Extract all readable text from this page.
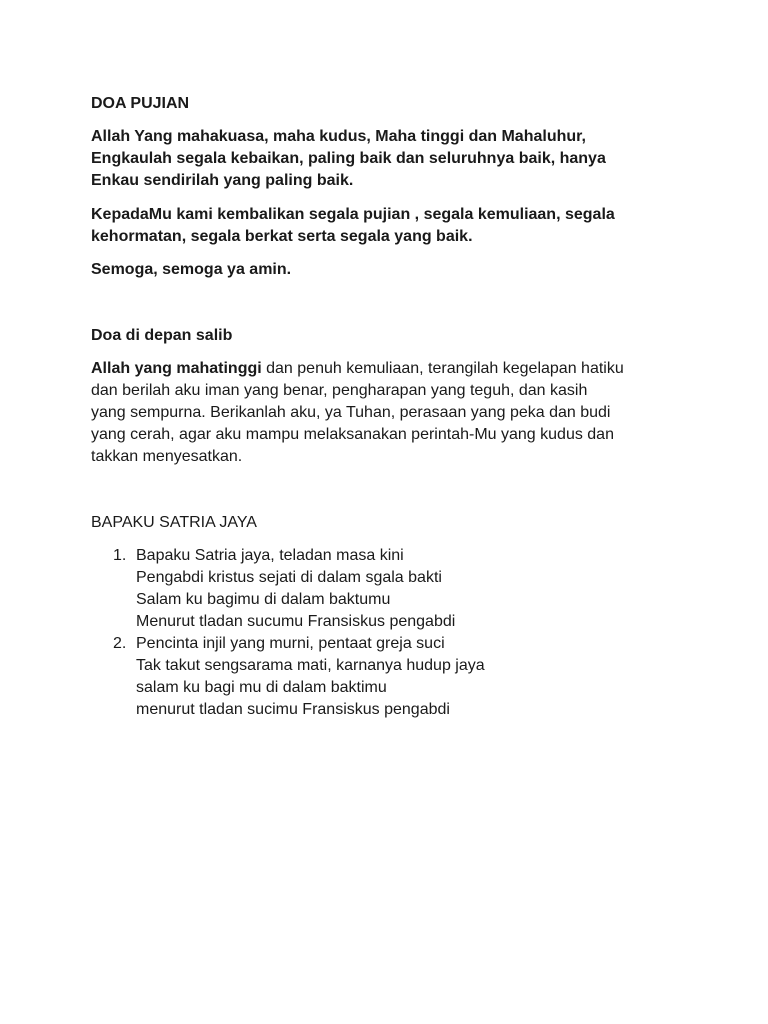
DOA PUJIAN
Allah Yang mahakuasa, maha kudus, Maha tinggi dan Mahaluhur,
Engkaulah segala kebaikan, paling baik dan seluruhnya baik, hanya
Enkau sendirilah yang paling baik.
KepadaMu kami kembalikan segala pujian , segala kemuliaan, segala
kehormatan, segala berkat serta segala yang baik.
Semoga, semoga ya amin.
Doa di depan salib
Allah yang mahatinggi dan penuh kemuliaan, terangilah kegelapan hatiku
dan berilah aku iman yang benar, pengharapan yang teguh, dan kasih
yang sempurna. Berikanlah aku, ya Tuhan, perasaan yang peka dan budi
yang cerah, agar aku mampu melaksanakan perintah-Mu yang kudus dan
takkan menyesatkan.
BAPAKU SATRIA JAYA
1. Bapaku Satria jaya, teladan masa kini
Pengabdi kristus sejati di dalam sgala bakti
Salam ku bagimu di dalam baktumu
Menurut tladan sucumu Fransiskus pengabdi
2. Pencinta injil yang murni, pentaat greja suci
Tak takut sengsarama mati, karnanya hudup jaya
salam ku bagi mu di dalam baktimu
menurut tladan sucimu Fransiskus pengabdi
